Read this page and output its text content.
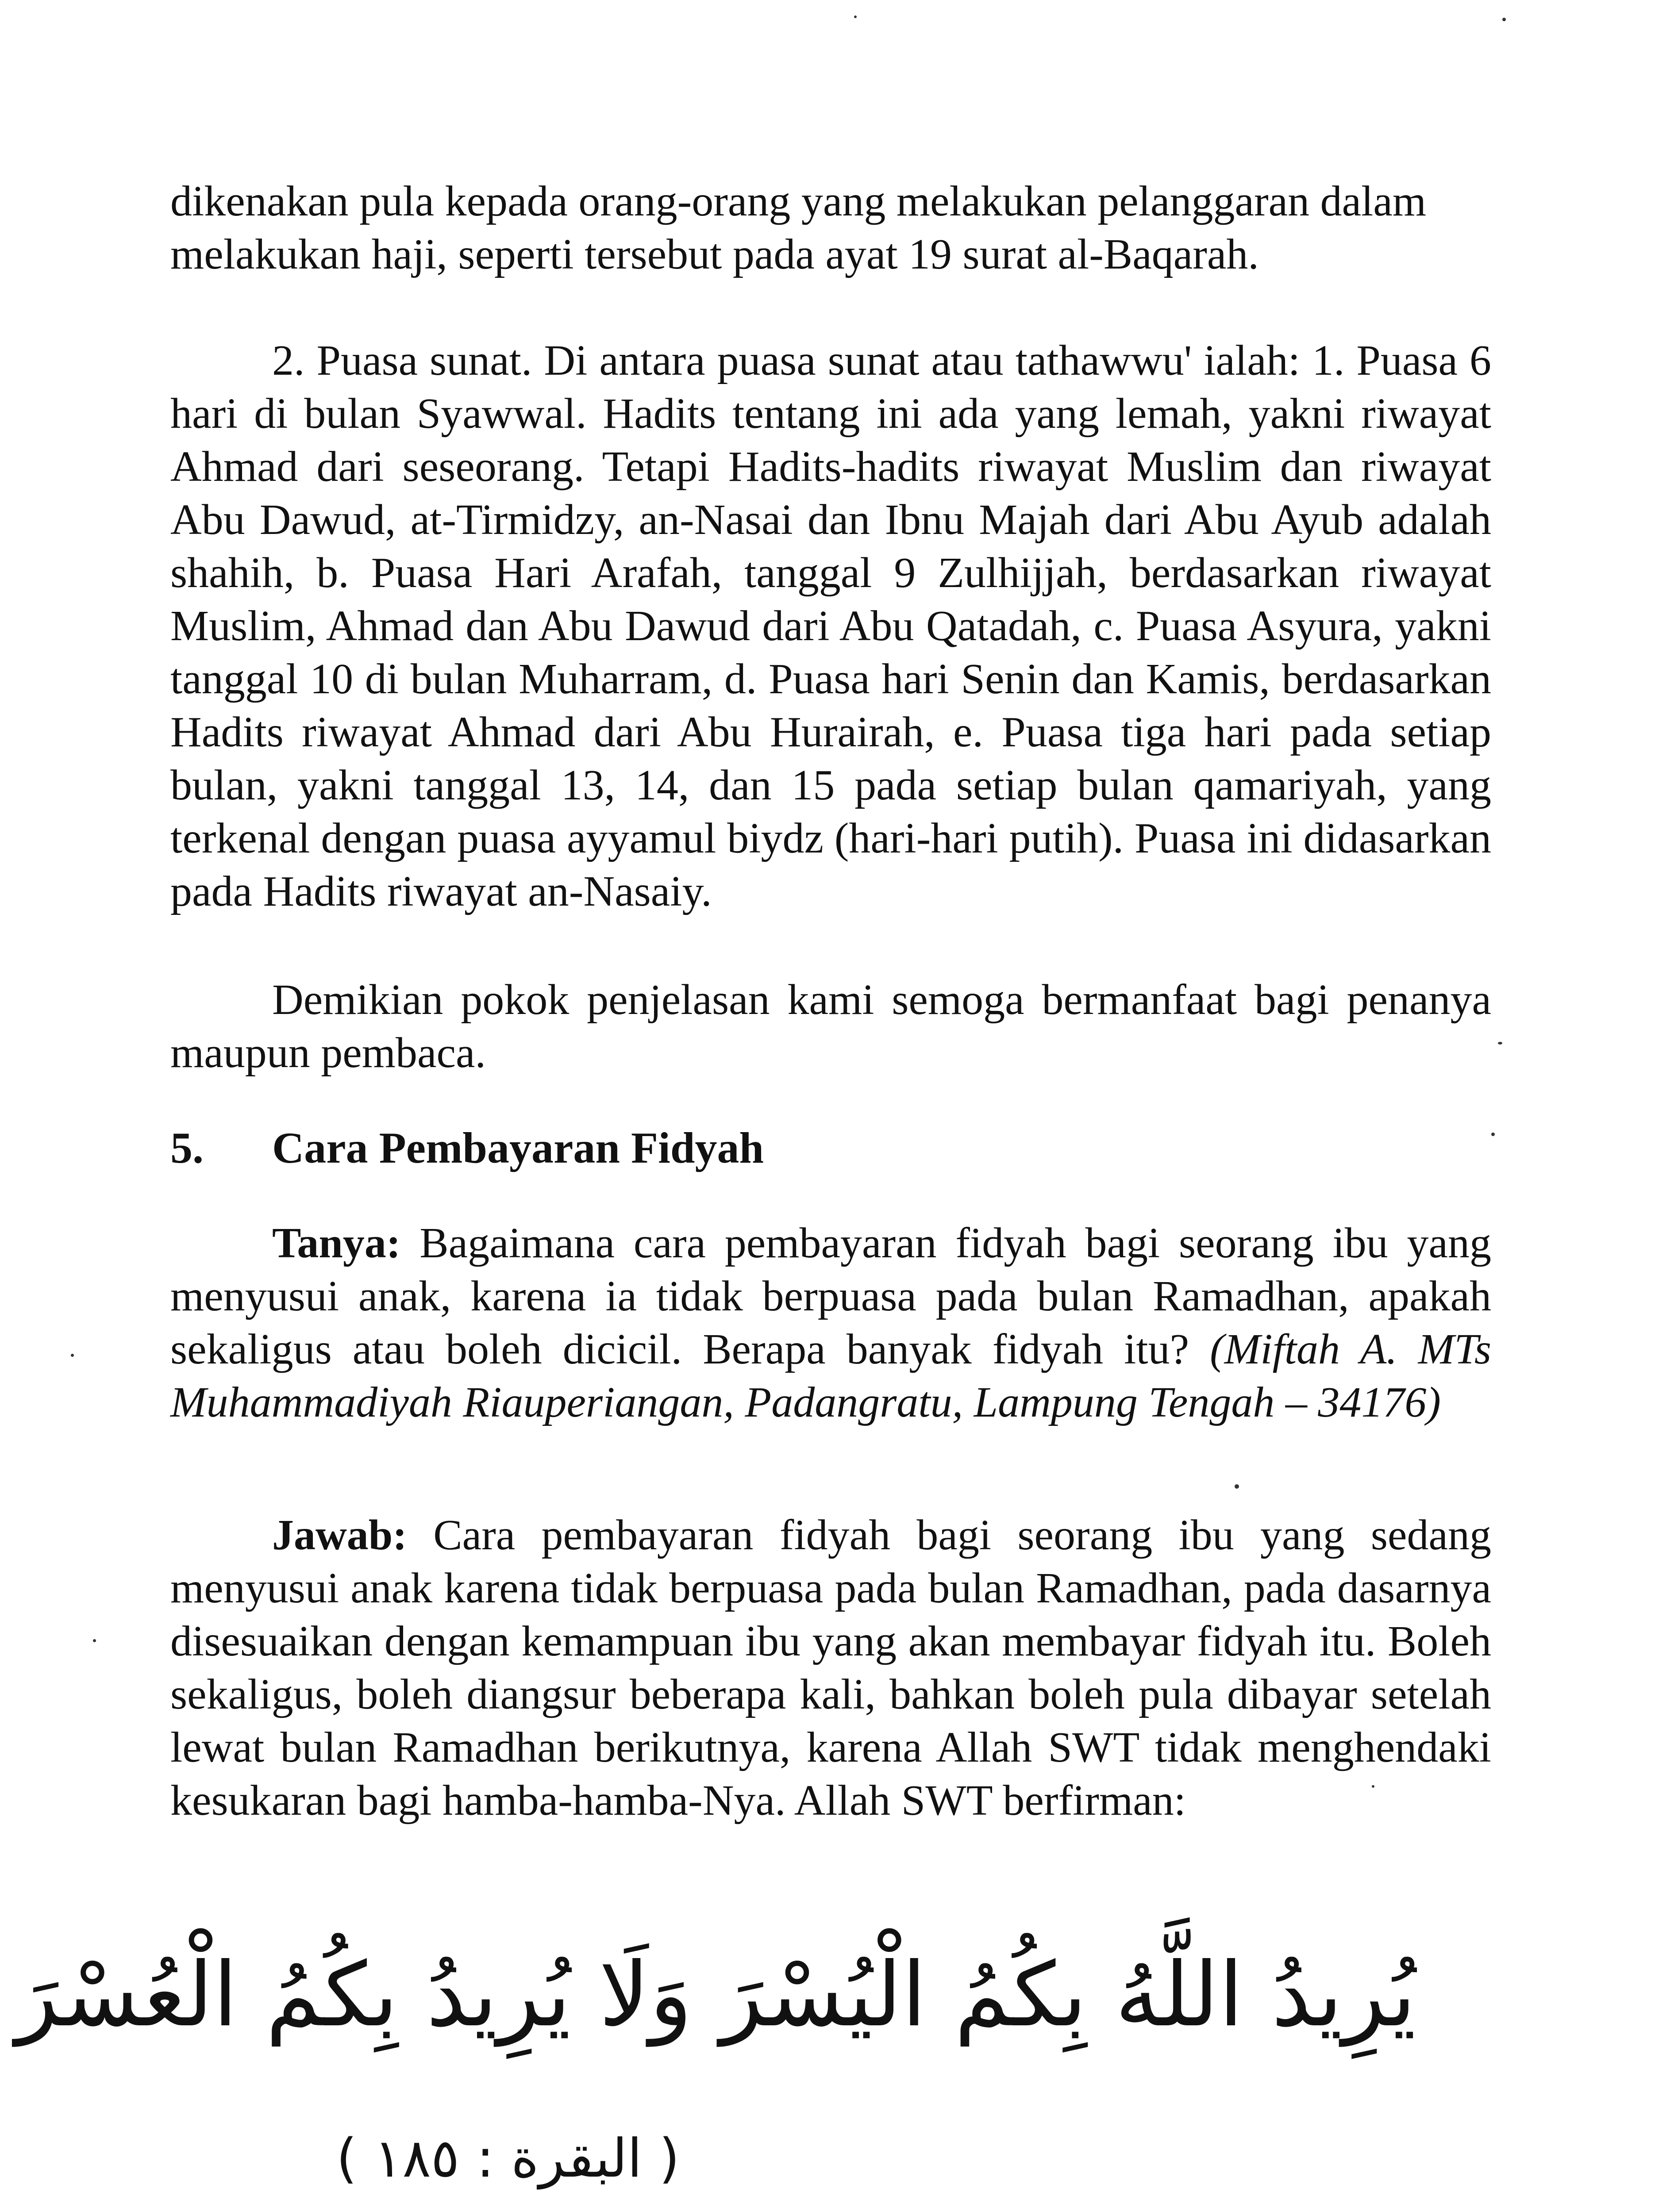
dikenakan pula kepada orang-orang yang melakukan pelanggaran dalam

melakukan haji, seperti tersebut pada ayat 19 surat al-Baqarah.

2. Puasa sunat. Di antara puasa sunat atau tathawwu' ialah: 1. Puasa 6 hari di bulan Syawwal. Hadits tentang ini ada yang lemah, yakni riwayat Ahmad dari seseorang. Tetapi Hadits-hadits riwayat Muslim dan riwayat Abu Dawud, at-Tirmidzy, an-Nasai dan Ibnu Majah dari Abu Ayub adalah shahih, b. Puasa Hari Arafah, tanggal 9 Zulhijjah, berdasarkan riwayat Muslim, Ahmad dan Abu Dawud dari Abu Qatadah, c. Puasa Asyura, yakni tanggal 10 di bulan Muharram, d. Puasa hari Senin dan Kamis, berdasarkan Hadits riwayat Ahmad dari Abu Hurairah, e. Puasa tiga hari pada setiap bulan, yakni tanggal 13, 14, dan 15 pada setiap bulan qamariyah, yang terkenal dengan puasa ayyamul biydz (hari-hari putih). Puasa ini didasarkan pada Hadits riwayat an-Nasaiy.

Demikian pokok penjelasan kami semoga bermanfaat bagi penanya maupun pembaca.

5. Cara Pembayaran Fidyah

Tanya: Bagaimana cara pembayaran fidyah bagi seorang ibu yang menyusui anak, karena ia tidak berpuasa pada bulan Ramadhan, apakah sekaligus atau boleh dicicil. Berapa banyak fidyah itu? (Miftah A. MTs Muhammadiyah Riauperiangan, Padangratu, Lampung Tengah – 34176)

Jawab: Cara pembayaran fidyah bagi seorang ibu yang sedang menyusui anak karena tidak berpuasa pada bulan Ramadhan, pada dasarnya disesuaikan dengan kemampuan ibu yang akan membayar fidyah itu. Boleh sekaligus, boleh diangsur beberapa kali, bahkan boleh pula dibayar setelah lewat bulan Ramadhan berikutnya, karena Allah SWT tidak menghendaki kesukaran bagi hamba-hamba-Nya. Allah SWT berfirman:

يُرِيدُ اللَّهُ بِكُمُ الْيُسْرَ وَلَا يُرِيدُ بِكُمُ الْعُسْرَ
( البقرة : ١٨٥ )
